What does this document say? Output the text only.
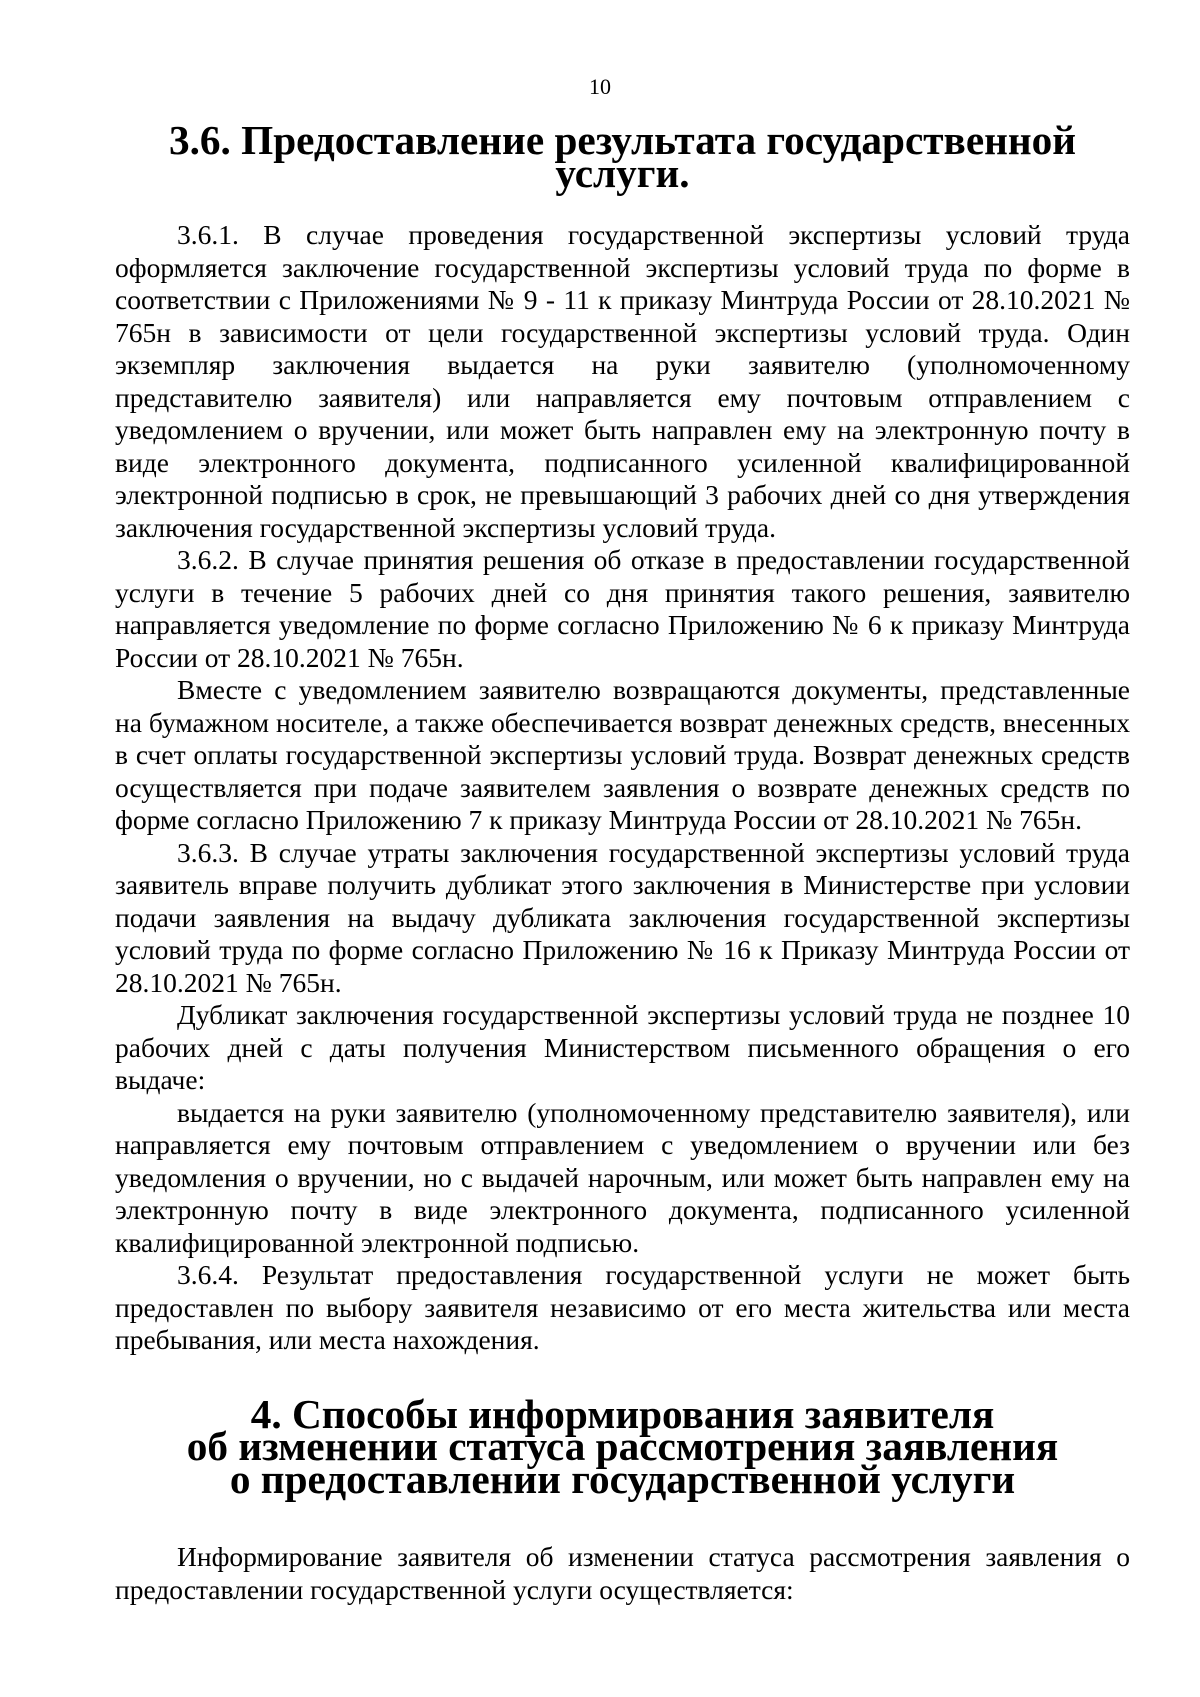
10
3.6. Предоставление результата государственной услуги.

3.6.1. В случае проведения государственной экспертизы условий труда оформляется заключение государственной экспертизы условий труда по форме в соответствии с Приложениями № 9 - 11 к приказу Минтруда России от 28.10.2021 № 765н в зависимости от цели государственной экспертизы условий труда. Один экземпляр заключения выдается на руки заявителю (уполномоченному представителю заявителя) или направляется ему почтовым отправлением с уведомлением о вручении, или может быть направлен ему на электронную почту в виде электронного документа, подписанного усиленной квалифицированной электронной подписью в срок, не превышающий 3 рабочих дней со дня утверждения заключения государственной экспертизы условий труда.

3.6.2. В случае принятия решения об отказе в предоставлении государственной услуги в течение 5 рабочих дней со дня принятия такого решения, заявителю направляется уведомление по форме согласно Приложению № 6 к приказу Минтруда России от 28.10.2021 № 765н.

Вместе с уведомлением заявителю возвращаются документы, представленные на бумажном носителе, а также обеспечивается возврат денежных средств, внесенных в счет оплаты государственной экспертизы условий труда. Возврат денежных средств осуществляется при подаче заявителем заявления о возврате денежных средств по форме согласно Приложению 7 к приказу Минтруда России от 28.10.2021 № 765н.

3.6.3. В случае утраты заключения государственной экспертизы условий труда заявитель вправе получить дубликат этого заключения в Министерстве при условии подачи заявления на выдачу дубликата заключения государственной экспертизы условий труда по форме согласно Приложению № 16 к Приказу Минтруда России от 28.10.2021 № 765н.

Дубликат заключения государственной экспертизы условий труда не позднее 10 рабочих дней с даты получения Министерством письменного обращения о его выдаче:

выдается на руки заявителю (уполномоченному представителю заявителя), или направляется ему почтовым отправлением с уведомлением о вручении или без уведомления о вручении, но с выдачей нарочным, или может быть направлен ему на электронную почту в виде электронного документа, подписанного усиленной квалифицированной электронной подписью.

3.6.4. Результат предоставления государственной услуги не может быть предоставлен по выбору заявителя независимо от его места жительства или места пребывания, или места нахождения.

4. Способы информирования заявителя
об изменении статуса рассмотрения заявления
о предоставлении государственной услуги

Информирование заявителя об изменении статуса рассмотрения заявления о предоставлении государственной услуги осуществляется:
